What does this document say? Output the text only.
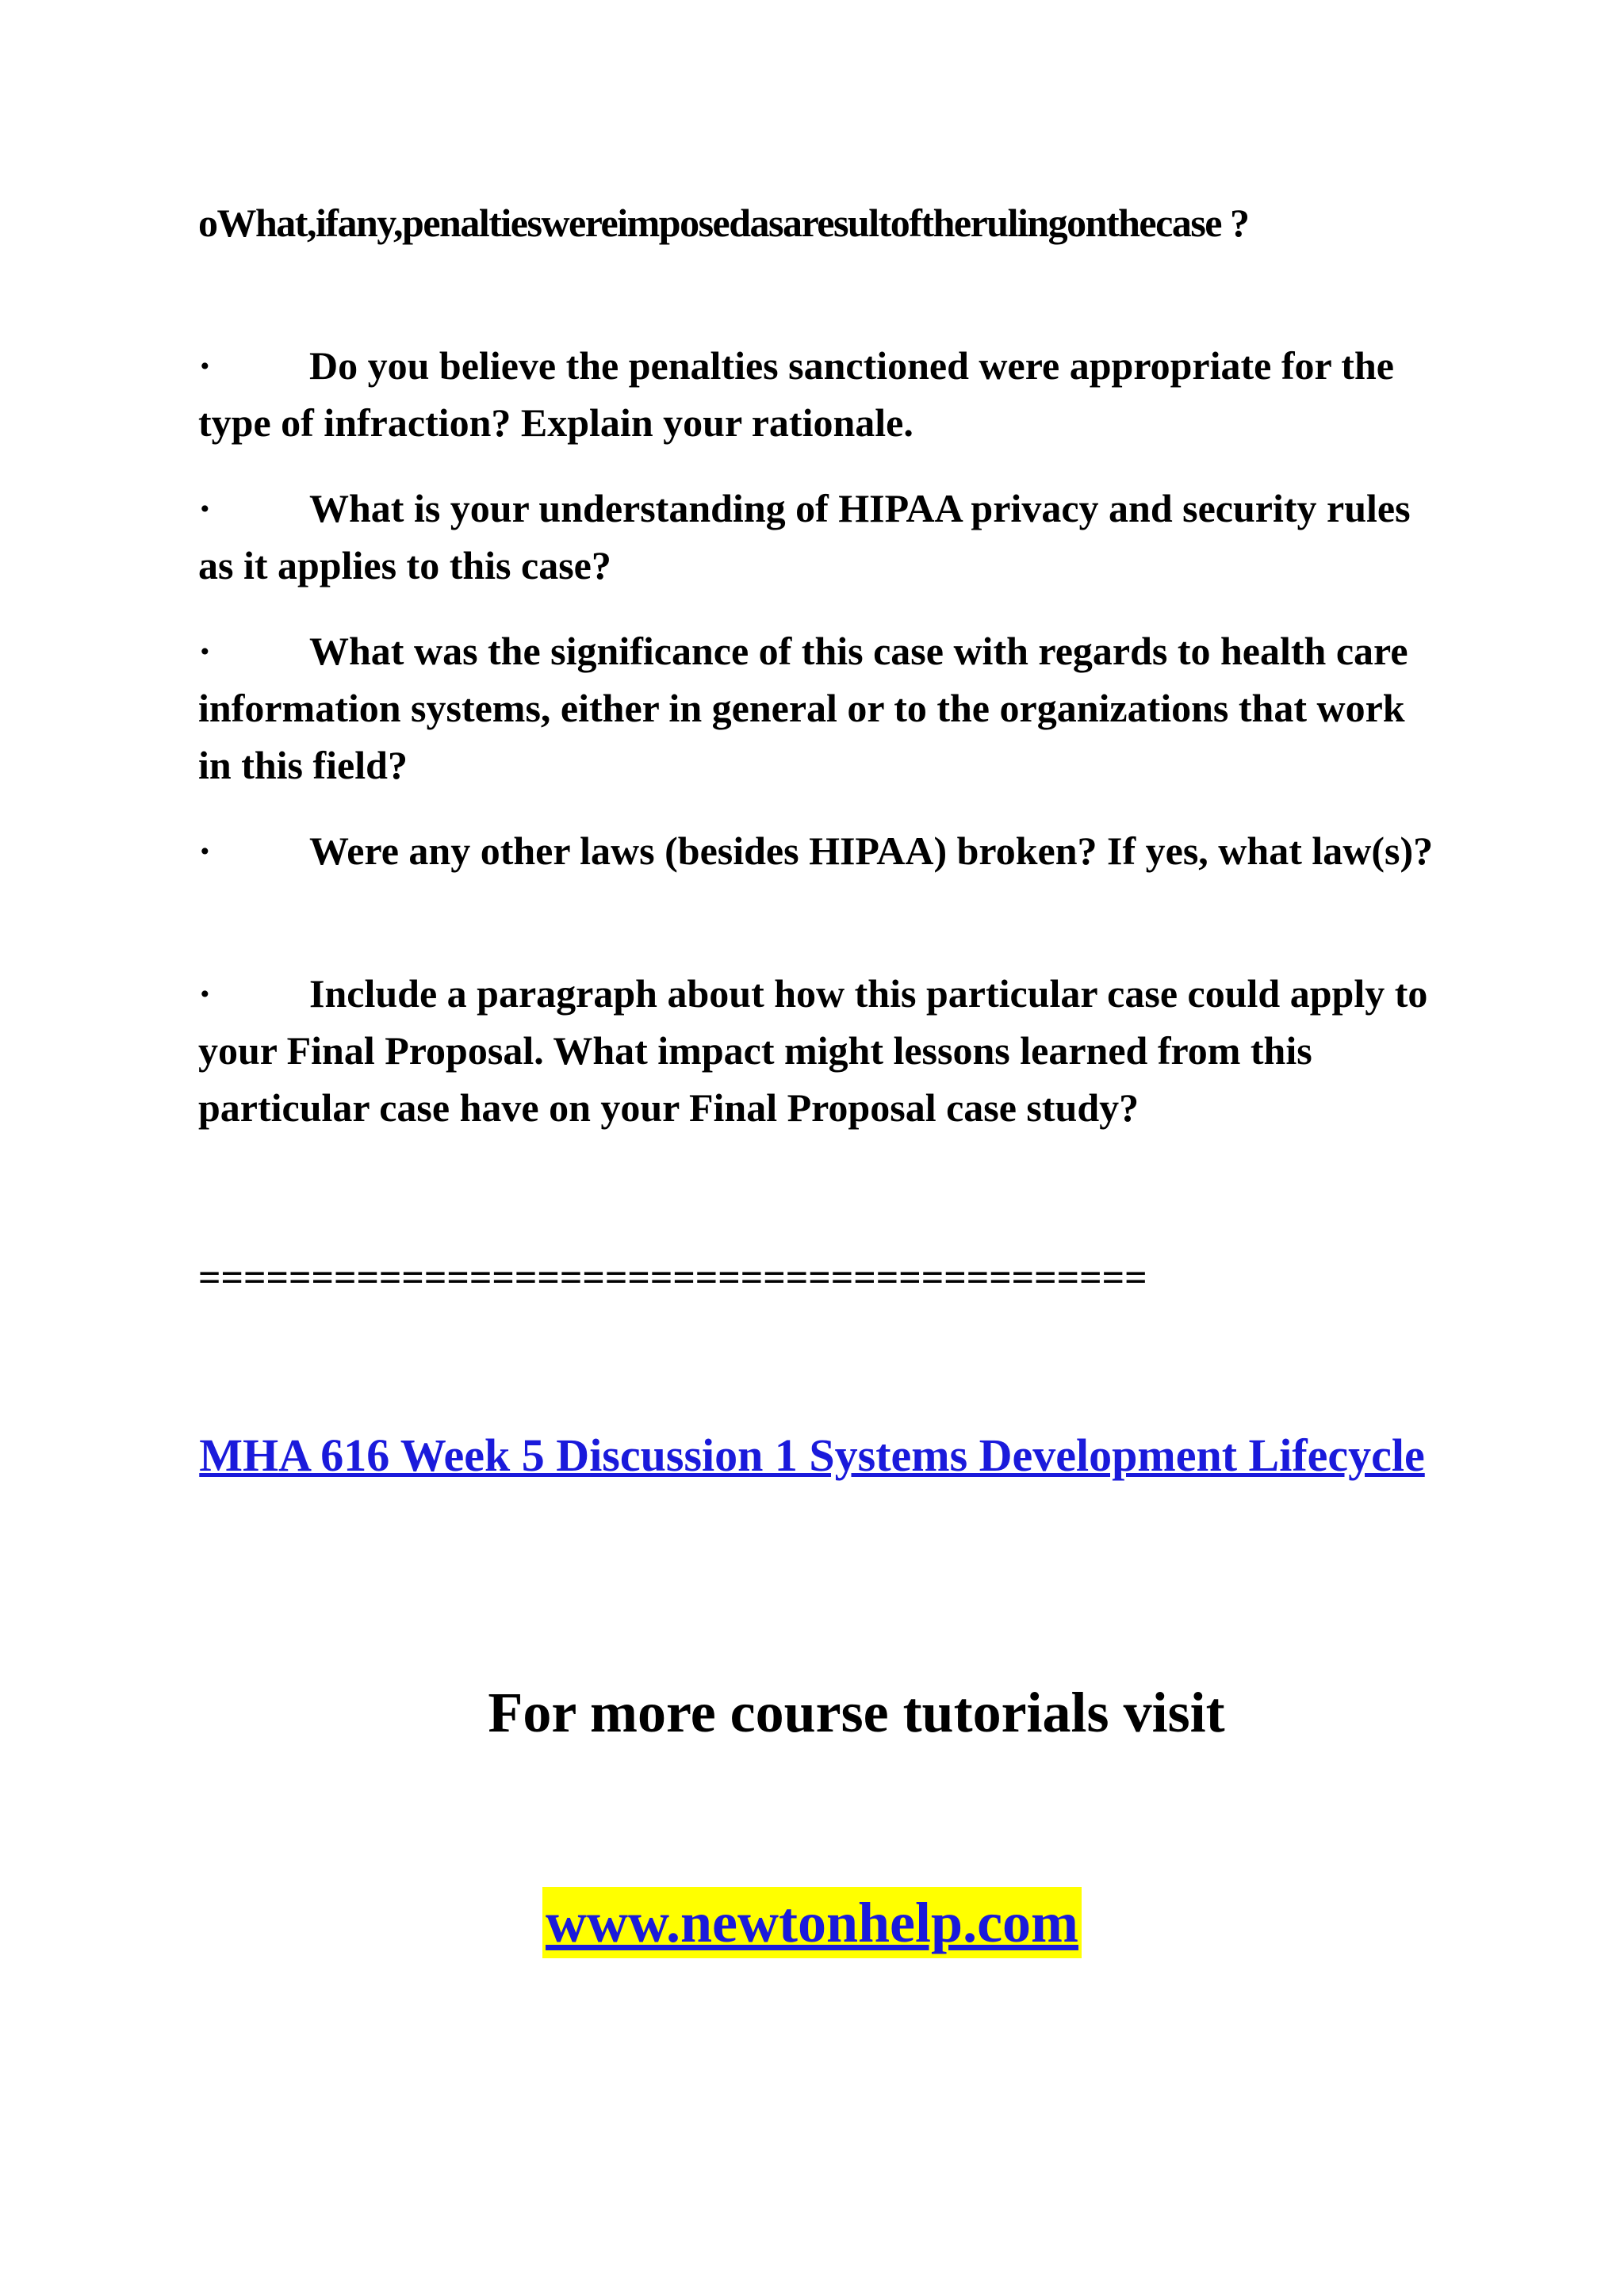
oWhat,ifany,penaltieswereimposedasaresultoftherulingonthecase ?

· Do you believe the penalties sanctioned were appropriate for the type of infraction? Explain your rationale.

· What is your understanding of HIPAA privacy and security rules as it applies to this case?

· What was the significance of this case with regards to health care information systems, either in general or to the organizations that work in this field?

· Were any other laws (besides HIPAA) broken? If yes, what law(s)?

· Include a paragraph about how this particular case could apply to your Final Proposal. What impact might lessons learned from this particular case have on your Final Proposal case study?

==========================================

MHA 616 Week 5 Discussion 1 Systems Development Lifecycle

For more course tutorials visit

www.newtonhelp.com
